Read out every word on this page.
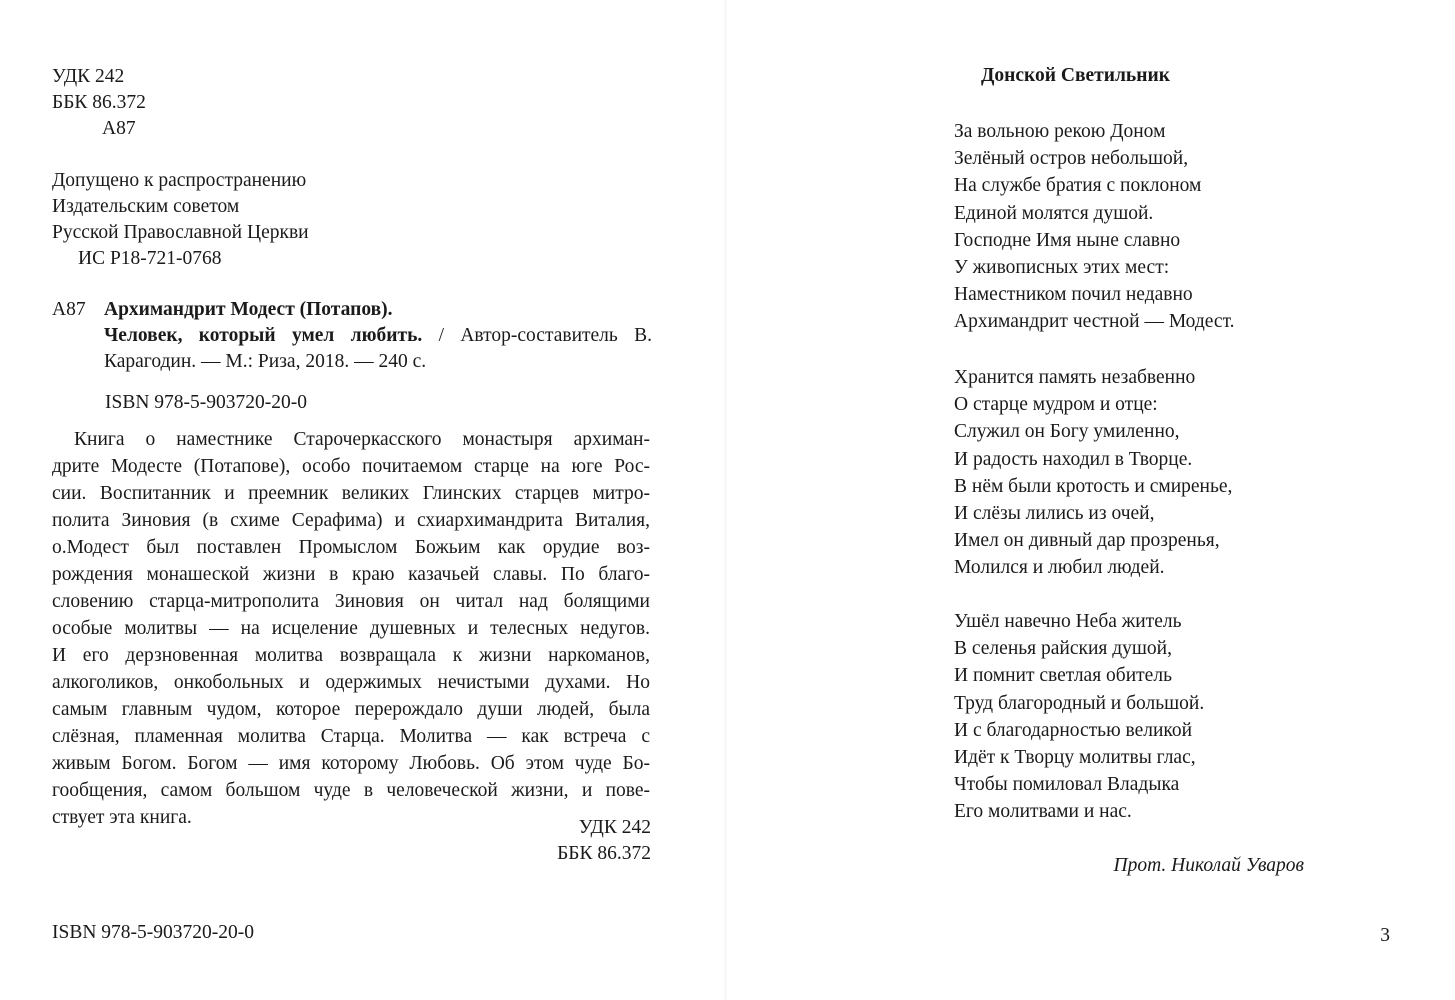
УДК 242
ББК 86.372
А87
Допущено к распространению
Издательским советом
Русской Православной Церкви
ИС Р18-721-0768
А87 Архимандрит Модест (Потапов).
Человек, который умел любить. / Автор-составитель В.
Карагодин. — М.: Риза, 2018. — 240 с.
ISBN 978-5-903720-20-0
Книга о наместнике Старочеркасского монастыря архиман-
дрите Модесте (Потапове), особо почитаемом старце на юге Рос-
сии. Воспитанник и преемник великих Глинских старцев митро-
полита Зиновия (в схиме Серафима) и схиархимандрита Виталия,
о.Модест был поставлен Промыслом Божьим как орудие воз-
рождения монашеской жизни в краю казачьей славы. По благо-
словению старца-митрополита Зиновия он читал над болящими
особые молитвы — на исцеление душевных и телесных недугов.
И его дерзновенная молитва возвращала к жизни наркоманов,
алкоголиков, онкобольных и одержимых нечистыми духами. Но
самым главным чудом, которое перерождало души людей, была
слёзная, пламенная молитва Старца. Молитва — как встреча с
живым Богом. Богом — имя которому Любовь. Об этом чуде Бо-
гообщения, самом большом чуде в человеческой жизни, и пове-
ствует эта книга.	УДК 242
ББК 86.372
ISBN 978-5-903720-20-0
Донской Светильник
За вольною рекою Доном
Зелёный остров небольшой,
На службе братия с поклоном
Единой молятся душой.
Господне Имя ныне славно
У живописных этих мест:
Наместником почил недавно
Архимандрит честной — Модест.
Хранится память незабвенно
О старце мудром и отце:
Служил он Богу умиленно,
И радость находил в Творце.
В нём были кротость и смиренье,
И слёзы лились из очей,
Имел он дивный дар прозренья,
Молился и любил людей.
Ушёл навечно Неба житель
В селенья райския душой,
И помнит светлая обитель
Труд благородный и большой.
И с благодарностью великой
Идёт к Творцу молитвы глас,
Чтобы помиловал Владыка
Его молитвами и нас.
Прот. Николай Уваров
3
